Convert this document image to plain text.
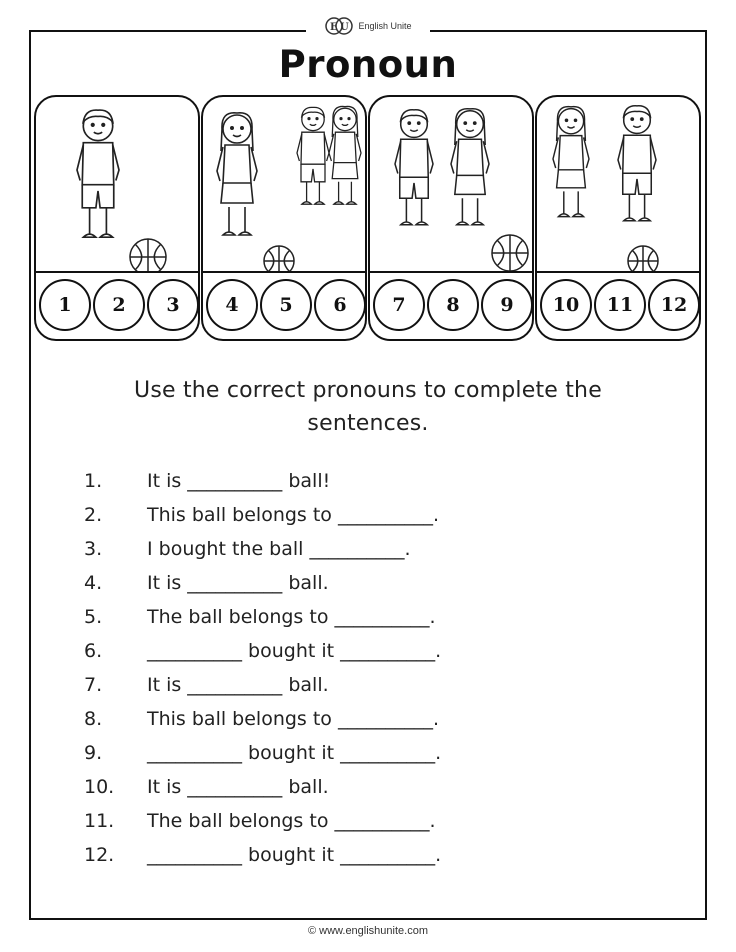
E U English Unite
Pronoun
1	2	3	4	5	6	7	8	9	10	11	12
Use the correct pronouns to complete the
sentences.
1.	It is __________ ball!
2.	This ball belongs to __________.
3.	I bought the ball __________.
4.	It is __________ ball.
5.	The ball belongs to __________.
6.	__________ bought it __________.
7.	It is __________ ball.
8.	This ball belongs to __________.
9.	__________ bought it __________.
10.	It is __________ ball.
11.	The ball belongs to __________.
12.	__________ bought it __________.
© www.englishunite.com
